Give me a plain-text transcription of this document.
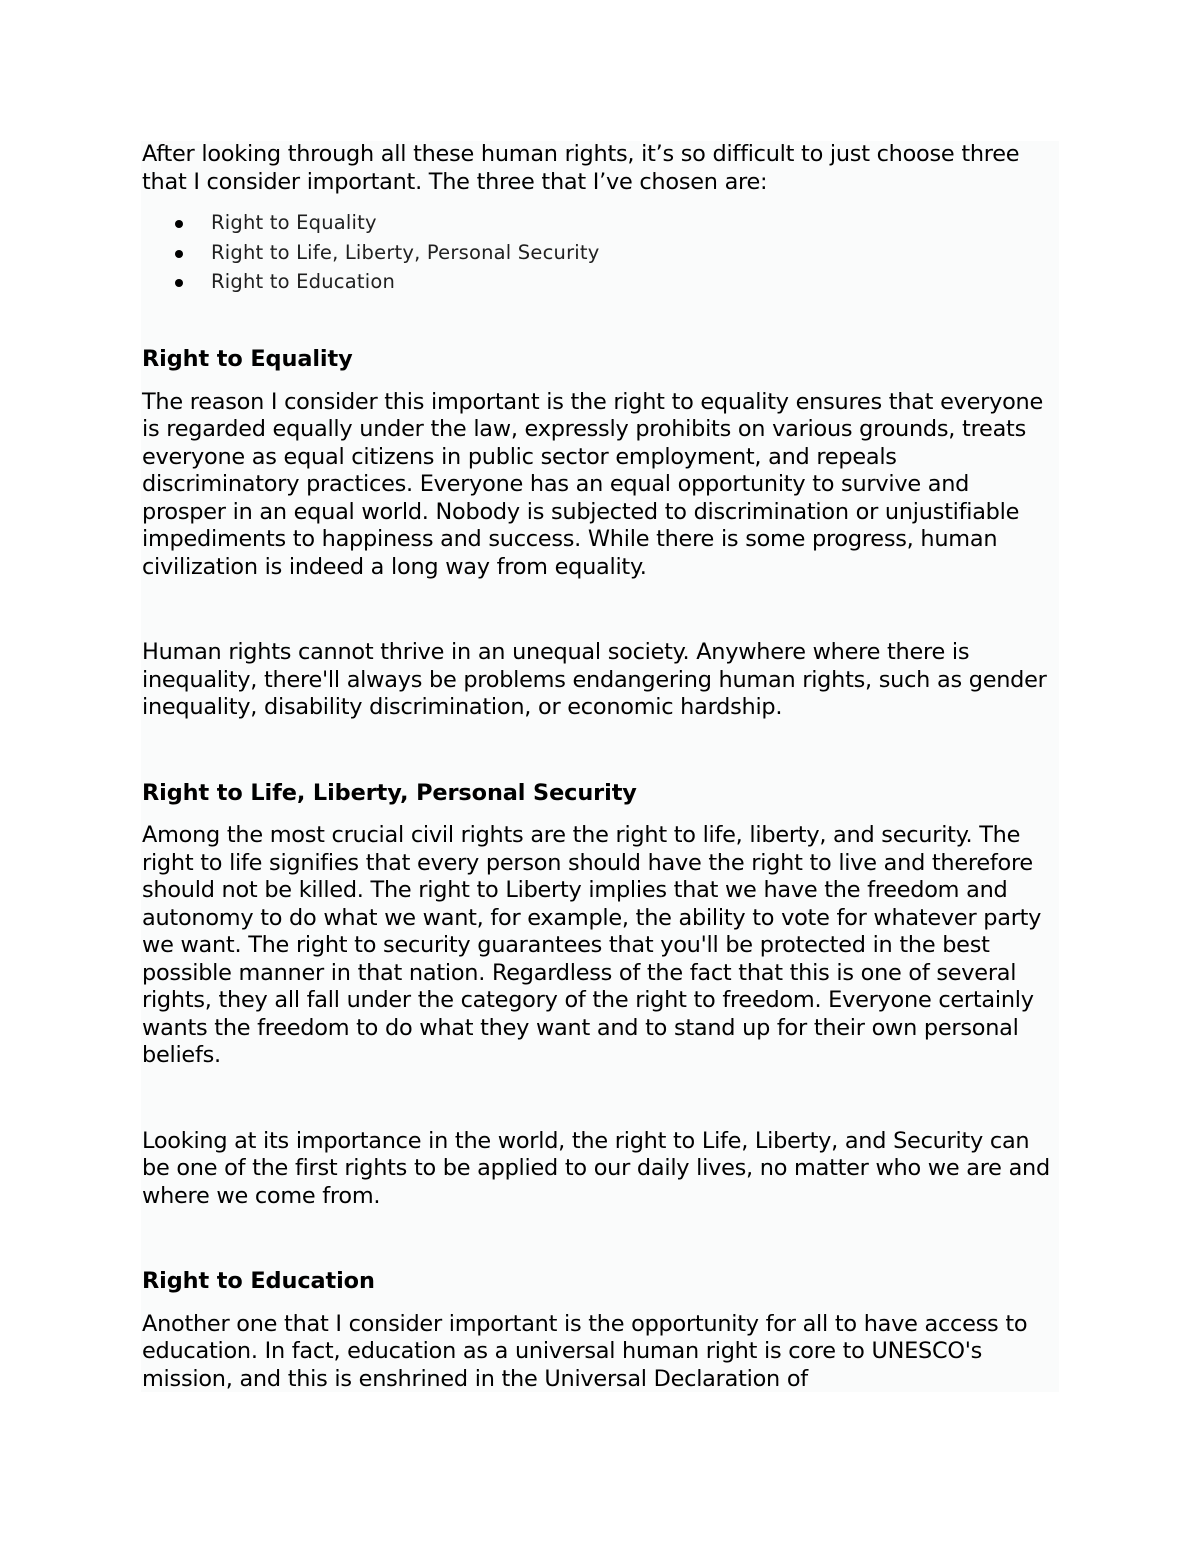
After looking through all these human rights, it’s so difficult to just choose three that I consider important. The three that I’ve chosen are:

Right to Equality
Right to Life, Liberty, Personal Security
Right to Education
Right to Equality

The reason I consider this important is the right to equality ensures that everyone is regarded equally under the law, expressly prohibits on various grounds, treats everyone as equal citizens in public sector employment, and repeals discriminatory practices. Everyone has an equal opportunity to survive and prosper in an equal world. Nobody is subjected to discrimination or unjustifiable impediments to happiness and success. While there is some progress, human civilization is indeed a long way from equality.

Human rights cannot thrive in an unequal society. Anywhere where there is inequality, there'll always be problems endangering human rights, such as gender inequality, disability discrimination, or economic hardship.

Right to Life, Liberty, Personal Security

Among the most crucial civil rights are the right to life, liberty, and security. The right to life signifies that every person should have the right to live and therefore should not be killed. The right to Liberty implies that we have the freedom and autonomy to do what we want, for example, the ability to vote for whatever party we want. The right to security guarantees that you'll be protected in the best possible manner in that nation. Regardless of the fact that this is one of several rights, they all fall under the category of the right to freedom. Everyone certainly wants the freedom to do what they want and to stand up for their own personal beliefs.

Looking at its importance in the world, the right to Life, Liberty, and Security can be one of the first rights to be applied to our daily lives, no matter who we are and where we come from.

Right to Education

Another one that I consider important is the opportunity for all to have access to education. In fact, education as a universal human right is core to UNESCO's mission, and this is enshrined in the Universal Declaration of
